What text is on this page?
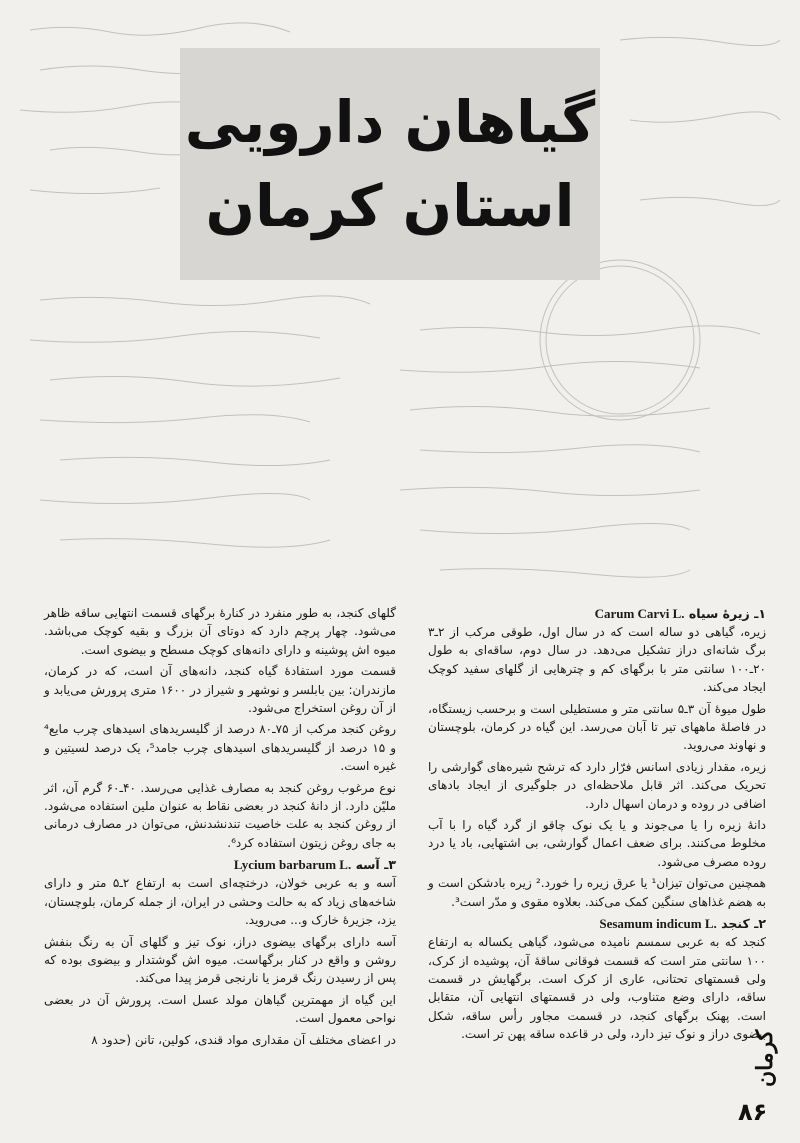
گیاهان دارویی
استان کرمان
۱ـ زیرهٔ سیاه Carum Carvi L.

زیره، گیاهی دو ساله است که در سال اول، طوقی مرکب از ۲ـ۳ برگ شانه‌ای دراز تشکیل می‌دهد. در سال دوم، ساقه‌ای به طول ۲۰ـ۱۰۰ سانتی متر با برگهای کم و چترهایی از گلهای سفید کوچک ایجاد می‌کند.

طول میوهٔ آن ۳ـ۵ سانتی متر و مستطیلی است و برحسب زیستگاه، در فاصلهٔ ماههای تیر تا آبان می‌رسد. این گیاه در کرمان، بلوچستان و نهاوند می‌روید.

زیره، مقدار زیادی اسانس فرّار دارد که ترشح شیره‌های گوارشی را تحریک می‌کند. اثر قابل ملاحظه‌ای در جلوگیری از ایجاد بادهای اضافی در روده و درمان اسهال دارد.

دانهٔ زیره را یا می‌جوند و یا یک نوک چاقو از گرد گیاه را با آب مخلوط می‌کنند. برای ضعف اعمال گوارشی، بی اشتهایی، باد یا درد روده مصرف می‌شود.

همچنین می‌توان تیزان¹ یا عرق زیره را خورد.² زیره بادشکن است و به هضم غذاهای سنگین کمک می‌کند. بعلاوه مقوی و مدّر است³.

۲ـ کنجد Sesamum indicum L.

کنجد که به عربی سمسم نامیده می‌شود، گیاهی یکساله به ارتفاع ۱۰۰ سانتی متر است که قسمت فوقانی ساقهٔ آن، پوشیده از کرک، ولی قسمتهای تحتانی، عاری از کرک است. برگهایش در قسمت ساقه، دارای وضع متناوب، ولی در قسمتهای انتهایی آن، متقابل است. پهنک برگهای کنجد، در قسمت مجاور رأس ساقه، شکل بیضوی دراز و نوک تیز دارد، ولی در قاعده ساقه پهن تر است.

گلهای کنجد، به طور منفرد در کنارهٔ برگهای قسمت انتهایی ساقه ظاهر می‌شود. چهار پرچم دارد که دوتای آن بزرگ و بقیه کوچک می‌باشد. میوه اش پوشینه و دارای دانه‌های کوچک مسطح و بیضوی است.

قسمت مورد استفادهٔ گیاه کنجد، دانه‌های آن است، که در کرمان، مازندران: بین بابلسر و نوشهر و شیراز در ۱۶۰۰ متری پرورش می‌یابد و از آن روغن استخراج می‌شود.

روغن کنجد مرکب از ۷۵ـ۸۰ درصد از گلیسریدهای اسیدهای چرب مایع⁴ و ۱۵ درصد از گلیسریدهای اسیدهای چرب جامد⁵، یک درصد لسیتین و غیره است.

نوع مرغوب روغن کنجد به مصارف غذایی می‌رسد. ۴۰ـ۶۰ گرم آن، اثر ملیّن دارد. از دانهٔ کنجد در بعضی نقاط به عنوان ملین استفاده می‌شود. از روغن کنجد به علت خاصیت تندنشدنش، می‌توان در مصارف درمانی به جای روغن زیتون استفاده کرد⁶.

۳ـ آسه Lycium barbarum L.

آسه و به عربی خولان، درختچه‌ای است به ارتفاع ۲ـ۵ متر و دارای شاخه‌های زیاد که به حالت وحشی در ایران، از جمله کرمان، بلوچستان، یزد، جزیرهٔ خارک و... می‌روید.

آسه دارای برگهای بیضوی دراز، نوک تیز و گلهای آن به رنگ بنفش روشن و واقع در کنار برگهاست. میوه اش گوشتدار و بیضوی بوده که پس از رسیدن رنگ قرمز یا نارنجی قرمز پیدا می‌کند.

این گیاه از مهمترین گیاهان مولد عسل است. پرورش آن در بعضی نواحی معمول است.

در اعضای مختلف آن مقداری مواد قندی، کولین، تانن (حدود ۸	کرمان
۸۶
